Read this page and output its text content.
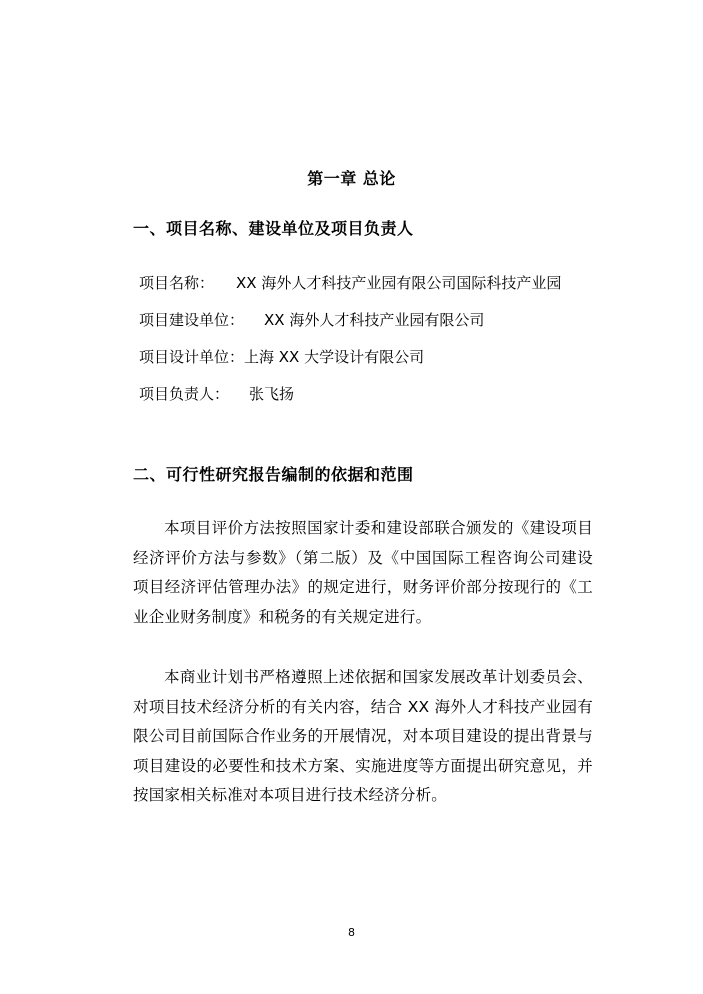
第一章 总论
一、项目名称、建设单位及项目负责人
项目名称： XX 海外人才科技产业园有限公司国际科技产业园
项目建设单位： XX 海外人才科技产业园有限公司
项目设计单位：上海 XX 大学设计有限公司
项目负责人： 张飞扬
二、可行性研究报告编制的依据和范围

本项目评价方法按照国家计委和建设部联合颁发的《建设项目经济评价方法与参数》（第二版）及《中国国际工程咨询公司建设项目经济评估管理办法》的规定进行，财务评价部分按现行的《工业企业财务制度》和税务的有关规定进行。

本商业计划书严格遵照上述依据和国家发展改革计划委员会、对项目技术经济分析的有关内容，结合 XX 海外人才科技产业园有限公司目前国际合作业务的开展情况，对本项目建设的提出背景与项目建设的必要性和技术方案、实施进度等方面提出研究意见，并按国家相关标准对本项目进行技术经济分析。

8
